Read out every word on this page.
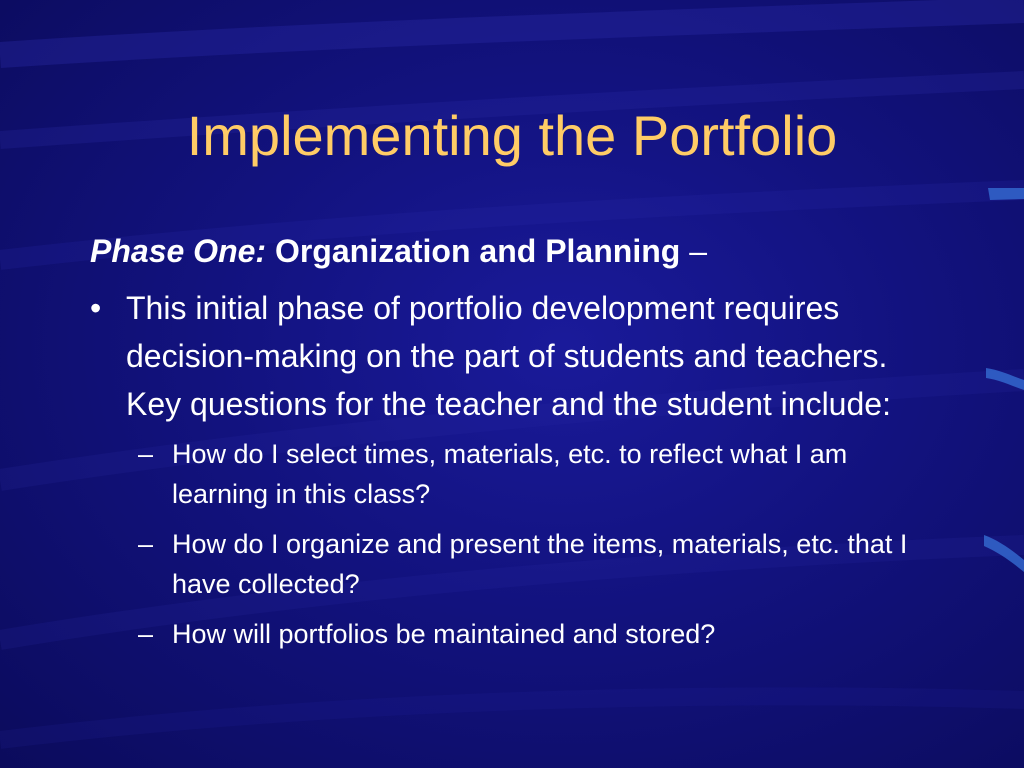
Implementing the Portfolio
Phase One: Organization and Planning –
• This initial phase of portfolio development requires decision-making on the part of students and teachers. Key questions for the teacher and the student include:
– How do I select times, materials, etc. to reflect what I am learning in this class?
– How do I organize and present the items, materials, etc. that I have collected?
– How will portfolios be maintained and stored?
